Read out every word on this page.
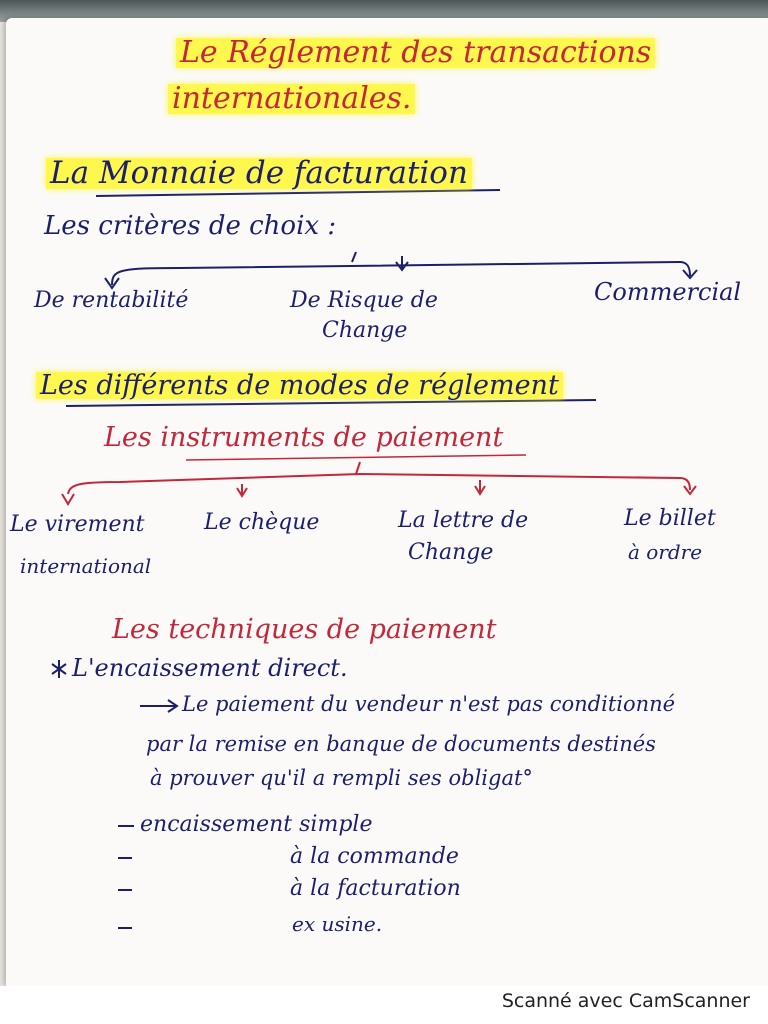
Le Réglement des transactions
internationales.
La Monnaie de facturation
Les critères de choix :
De rentabilité	De Risque de
Change
Commercial
Les différents de modes de réglement
Les instruments de paiement
Le virement
international
Le chèque	La lettre de
Change
Le billet
à ordre
Les techniques de paiement
L'encaissement direct.
Le paiement du vendeur n'est pas conditionné
par la remise en banque de documents destinés
à prouver qu'il a rempli ses obligat°
encaissement simple
à la commande
à la facturation
ex usine.
Scanné avec CamScanner
